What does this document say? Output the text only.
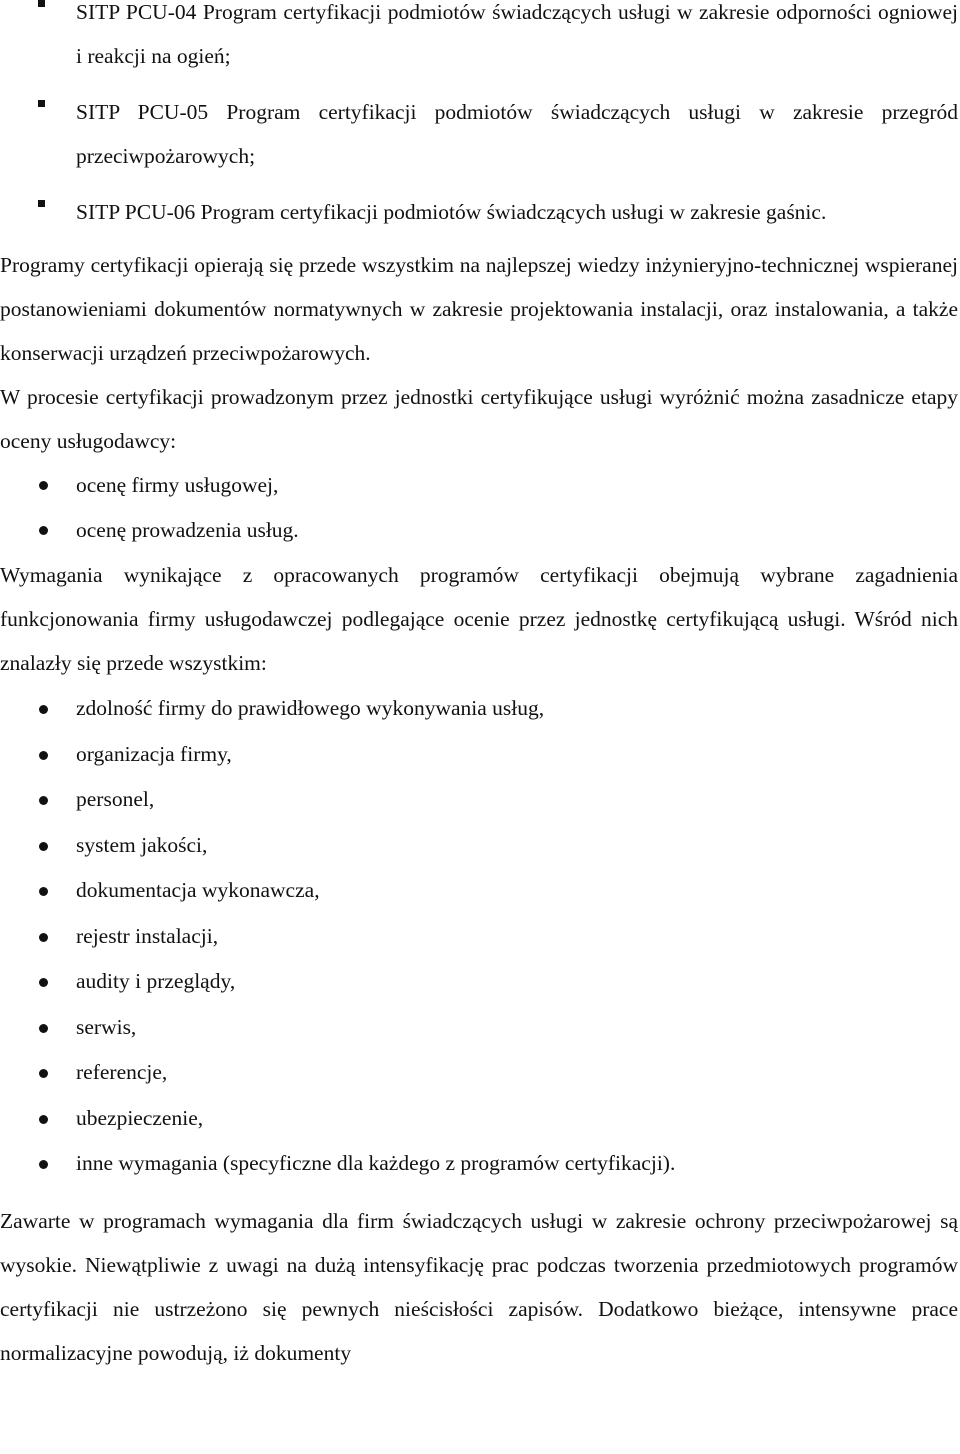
SITP PCU-04 Program certyfikacji podmiotów świadczących usługi w zakresie odporności ogniowej i reakcji na ogień;

SITP PCU-05 Program certyfikacji podmiotów świadczących usługi w zakresie przegród przeciwpożarowych;

SITP PCU-06 Program certyfikacji podmiotów świadczących usługi w zakresie gaśnic.

Programy certyfikacji opierają się przede wszystkim na najlepszej wiedzy inżynieryjno-technicznej wspieranej postanowieniami dokumentów normatywnych w zakresie projektowania instalacji, oraz instalowania, a także konserwacji urządzeń przeciwpożarowych.

W procesie certyfikacji prowadzonym przez jednostki certyfikujące usługi wyróżnić można zasadnicze etapy oceny usługodawcy:

ocenę firmy usługowej,

ocenę prowadzenia usług.

Wymagania wynikające z opracowanych programów certyfikacji obejmują wybrane zagadnienia funkcjonowania firmy usługodawczej podlegające ocenie przez jednostkę certyfikującą usługi. Wśród nich znalazły się przede wszystkim:

zdolność firmy do prawidłowego wykonywania usług,

organizacja firmy,

personel,

system jakości,

dokumentacja wykonawcza,

rejestr instalacji,

audity i przeglądy,

serwis,

referencje,

ubezpieczenie,

inne wymagania (specyficzne dla każdego z programów certyfikacji).

Zawarte w programach wymagania dla firm świadczących usługi w zakresie ochrony przeciwpożarowej są wysokie. Niewątpliwie z uwagi na dużą intensyfikację prac podczas tworzenia przedmiotowych programów certyfikacji nie ustrzeżono się pewnych nieścisłości zapisów. Dodatkowo bieżące, intensywne prace normalizacyjne powodują, iż dokumenty
